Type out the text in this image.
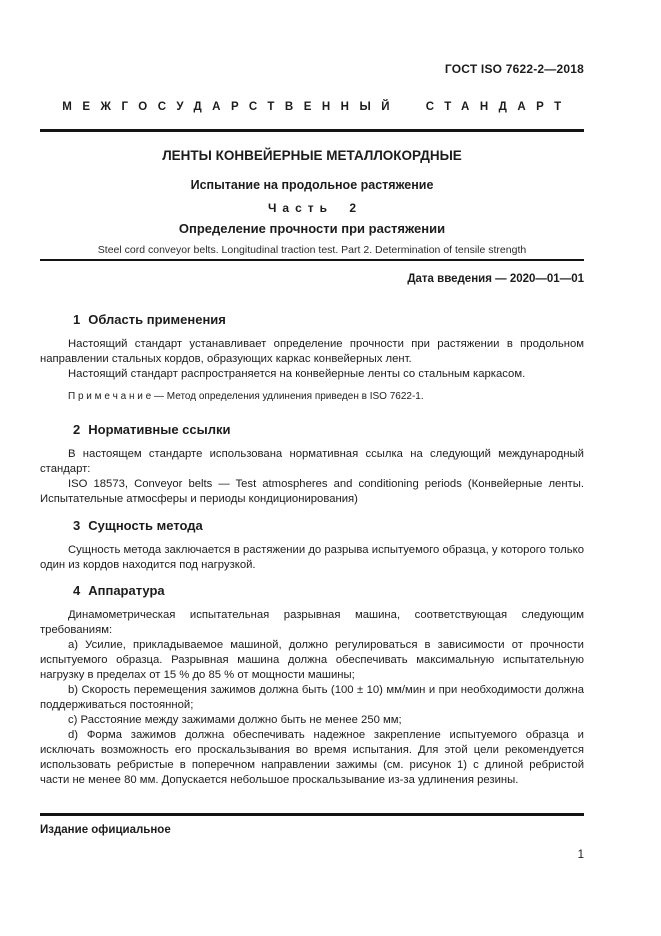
ГОСТ ISO 7622-2—2018
МЕЖГОСУДАРСТВЕННЫЙ СТАНДАРТ
ЛЕНТЫ КОНВЕЙЕРНЫЕ МЕТАЛЛОКОРДНЫЕ
Испытание на продольное растяжение
Часть 2
Определение прочности при растяжении
Steel cord conveyor belts. Longitudinal traction test. Part 2. Determination of tensile strength
Дата введения — 2020—01—01
1 Область применения

Настоящий стандарт устанавливает определение прочности при растяжении в продольном направлении стальных кордов, образующих каркас конвейерных лент.

Настоящий стандарт распространяется на конвейерные ленты со стальным каркасом.

П р и м е ч а н и е — Метод определения удлинения приведен в ISO 7622-1.

2 Нормативные ссылки

В настоящем стандарте использована нормативная ссылка на следующий международный стандарт:

ISO 18573, Conveyor belts — Test atmospheres and conditioning periods (Конвейерные ленты. Испытательные атмосферы и периоды кондиционирования)

3 Сущность метода

Сущность метода заключается в растяжении до разрыва испытуемого образца, у которого только один из кордов находится под нагрузкой.

4 Аппаратура

Динамометрическая испытательная разрывная машина, соответствующая следующим требованиям:

a) Усилие, прикладываемое машиной, должно регулироваться в зависимости от прочности испытуемого образца. Разрывная машина должна обеспечивать максимальную испытательную нагрузку в пределах от 15 % до 85 % от мощности машины;

b) Скорость перемещения зажимов должна быть (100 ± 10) мм/мин и при необходимости должна поддерживаться постоянной;

c) Расстояние между зажимами должно быть не менее 250 мм;

d) Форма зажимов должна обеспечивать надежное закрепление испытуемого образца и исключать возможность его проскальзывания во время испытания. Для этой цели рекомендуется использовать ребристые в поперечном направлении зажимы (см. рисунок 1) с длиной ребристой части не менее 80 мм. Допускается небольшое проскальзывание из-за удлинения резины.

Издание официальное
1
